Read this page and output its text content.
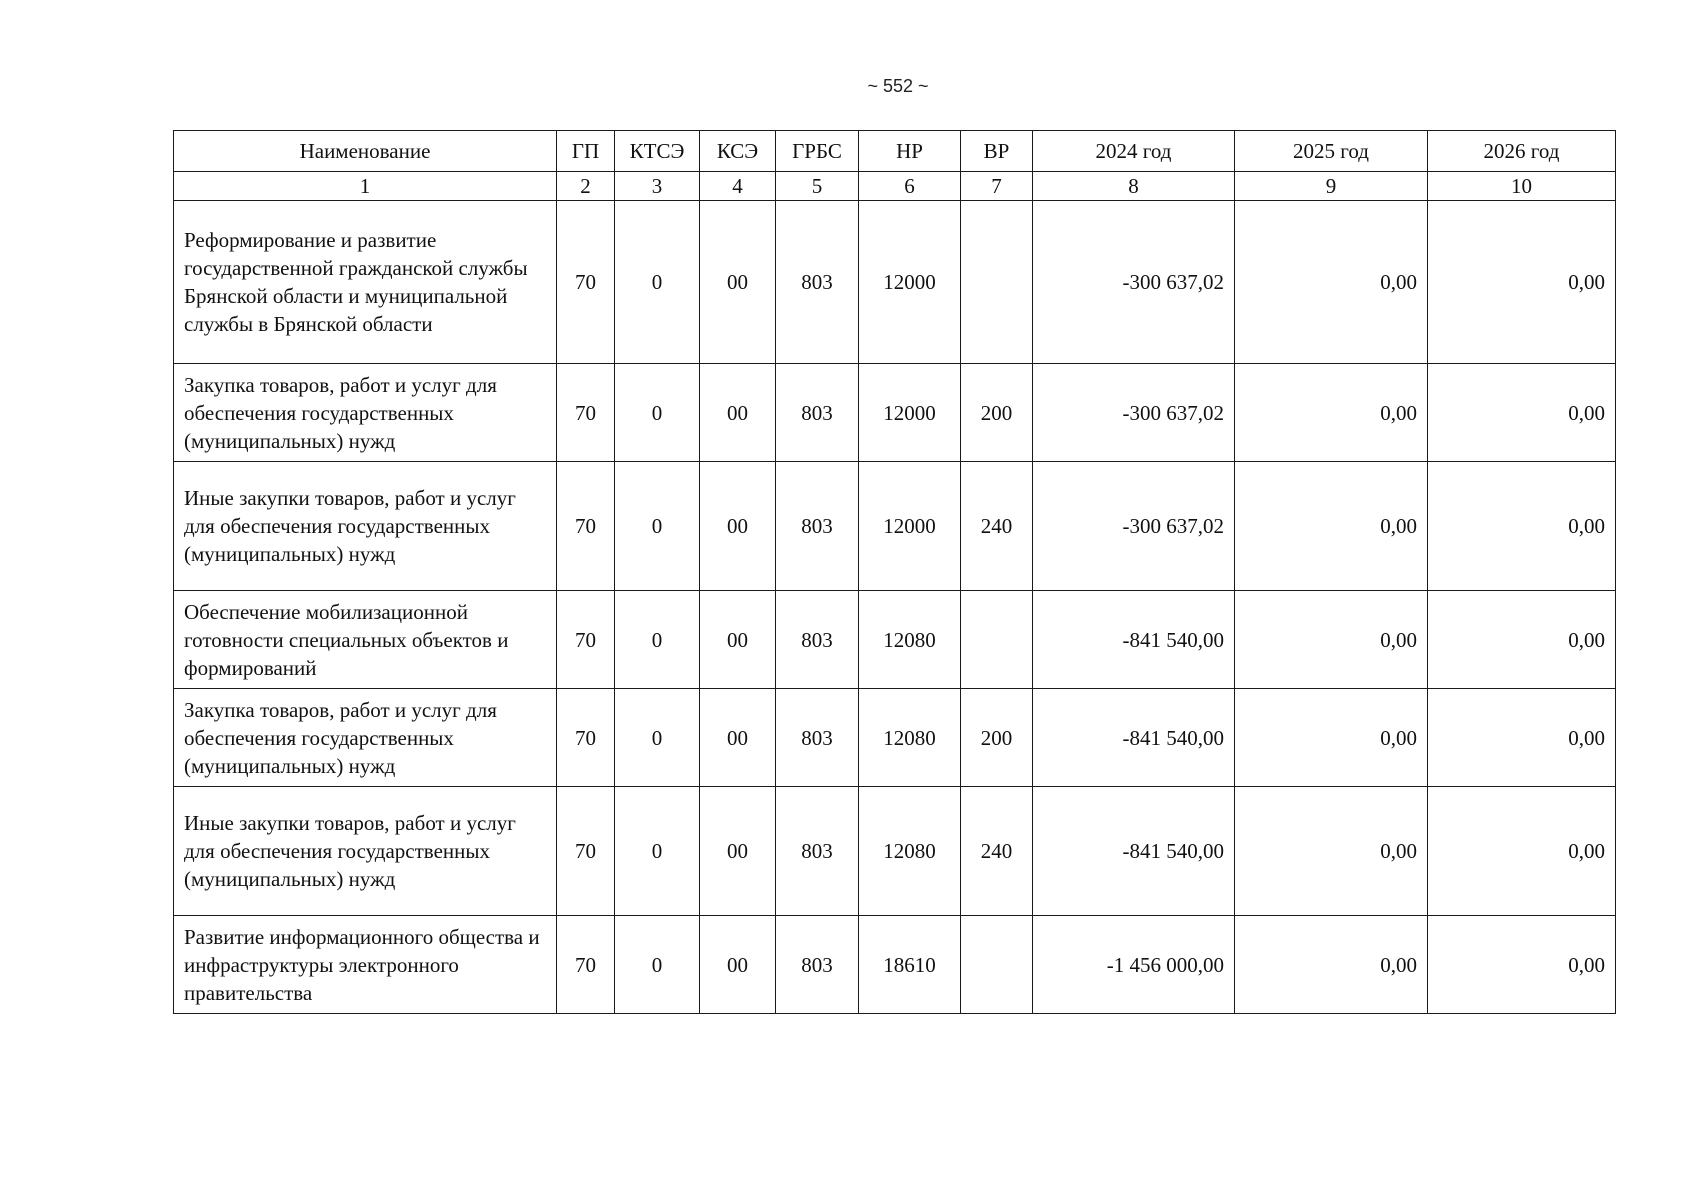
~ 552 ~
Наименование	ГП	КТСЭ	КСЭ	ГРБС	НР	ВР	2024 год	2025 год	2026 год
1	2	3	4	5	6	7	8	9	10
Реформирование и развитие государственной гражданской службы Брянской области и муниципальной службы в Брянской области	70	0	00	803	12000		-300 637,02	0,00	0,00
Закупка товаров, работ и услуг для обеспечения государственных (муниципальных) нужд	70	0	00	803	12000	200	-300 637,02	0,00	0,00
Иные закупки товаров, работ и услуг для обеспечения государственных (муниципальных) нужд	70	0	00	803	12000	240	-300 637,02	0,00	0,00
Обеспечение мобилизационной готовности специальных объектов и формирований	70	0	00	803	12080		-841 540,00	0,00	0,00
Закупка товаров, работ и услуг для обеспечения государственных (муниципальных) нужд	70	0	00	803	12080	200	-841 540,00	0,00	0,00
Иные закупки товаров, работ и услуг для обеспечения государственных (муниципальных) нужд	70	0	00	803	12080	240	-841 540,00	0,00	0,00
Развитие информационного общества и инфраструктуры электронного правительства	70	0	00	803	18610		-1 456 000,00	0,00	0,00
